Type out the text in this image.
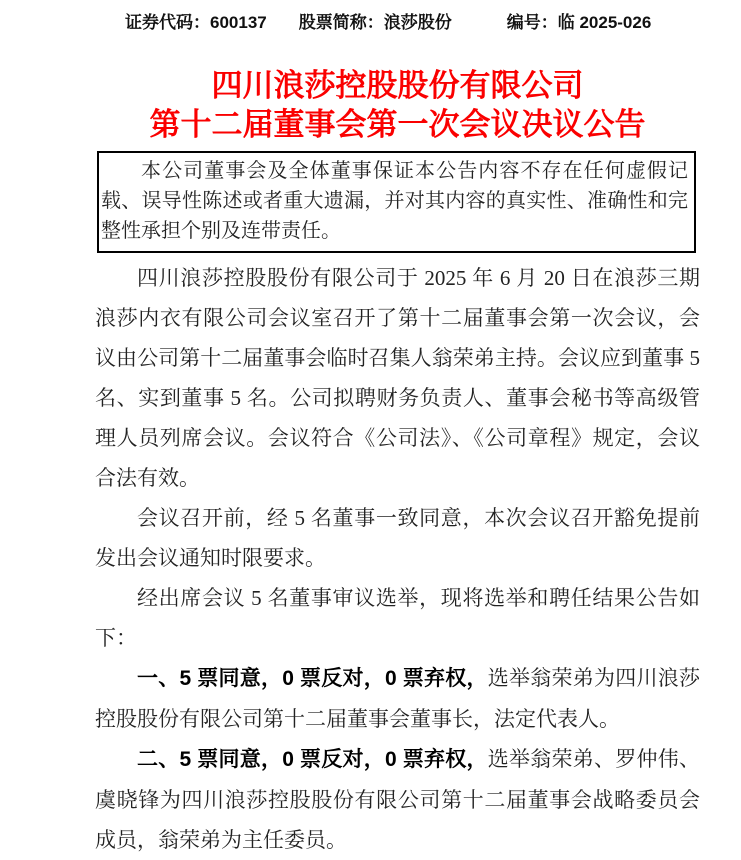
证券代码： 600137 股票简称： 浪莎股份	编号： 临 2025-026
四川浪莎控股股份有限公司
第十二届董事会第一次会议决议公告

本公司董事会及全体董事保证本公告内容不存在任何虚假记载、误导性陈述或者重大遗漏，并对其内容的真实性、准确性和完整性承担个别及连带责任。

四川浪莎控股股份有限公司于 2025 年 6 月 20 日在浪莎三期浪莎内衣有限公司会议室召开了第十二届董事会第一次会议，会议由公司第十二届董事会临时召集人翁荣弟主持。会议应到董事 5 名、实到董事 5 名。公司拟聘财务负责人、董事会秘书等高级管理人员列席会议。会议符合《公司法》、《公司章程》规定，会议合法有效。

会议召开前，经 5 名董事一致同意，本次会议召开豁免提前发出会议通知时限要求。

经出席会议 5 名董事审议选举，现将选举和聘任结果公告如下：

一、5 票同意，0 票反对，0 票弃权，选举翁荣弟为四川浪莎控股股份有限公司第十二届董事会董事长，法定代表人。

二、5 票同意，0 票反对，0 票弃权，选举翁荣弟、罗仲伟、虞晓锋为四川浪莎控股股份有限公司第十二届董事会战略委员会成员，翁荣弟为主任委员。
